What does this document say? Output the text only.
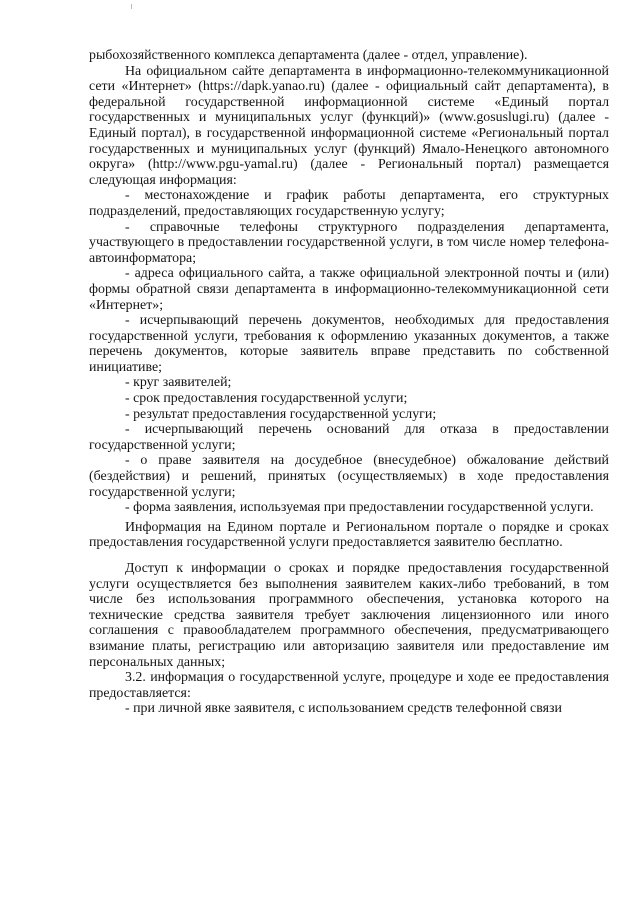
рыбохозяйственного комплекса департамента (далее - отдел, управление).

На официальном сайте департамента в информационно-телекоммуникационной сети «Интернет» (https://dapk.yanao.ru) (далее - официальный сайт департамента), в федеральной государственной информационной системе «Единый портал государственных и муниципальных услуг (функций)» (www.gosuslugi.ru) (далее - Единый портал), в государственной информационной системе «Региональный портал государственных и муниципальных услуг (функций) Ямало-Ненецкого автономного округа» (http://www.pgu-yamal.ru) (далее - Региональный портал) размещается следующая информация:

- местонахождение и график работы департамента, его структурных подразделений, предоставляющих государственную услугу;

- справочные телефоны структурного подразделения департамента, участвующего в предоставлении государственной услуги, в том числе номер телефона-автоинформатора;

- адреса официального сайта, а также официальной электронной почты и (или) формы обратной связи департамента в информационно-телекоммуникационной сети «Интернет»;

- исчерпывающий перечень документов, необходимых для предоставления государственной услуги, требования к оформлению указанных документов, а также перечень документов, которые заявитель вправе представить по собственной инициативе;

- круг заявителей;

- срок предоставления государственной услуги;

- результат предоставления государственной услуги;

- исчерпывающий перечень оснований для отказа в предоставлении государственной услуги;

- о праве заявителя на досудебное (внесудебное) обжалование действий (бездействия) и решений, принятых (осуществляемых) в ходе предоставления государственной услуги;

- форма заявления, используемая при предоставлении государственной услуги.

Информация на Едином портале и Региональном портале о порядке и сроках предоставления государственной услуги предоставляется заявителю бесплатно.

Доступ к информации о сроках и порядке предоставления государственной услуги осуществляется без выполнения заявителем каких-либо требований, в том числе без использования программного обеспечения, установка которого на технические средства заявителя требует заключения лицензионного или иного соглашения с правообладателем программного обеспечения, предусматривающего взимание платы, регистрацию или авторизацию заявителя или предоставление им персональных данных;

3.2. информация о государственной услуге, процедуре и ходе ее предоставления предоставляется:

- при личной явке заявителя, с использованием средств телефонной связи
